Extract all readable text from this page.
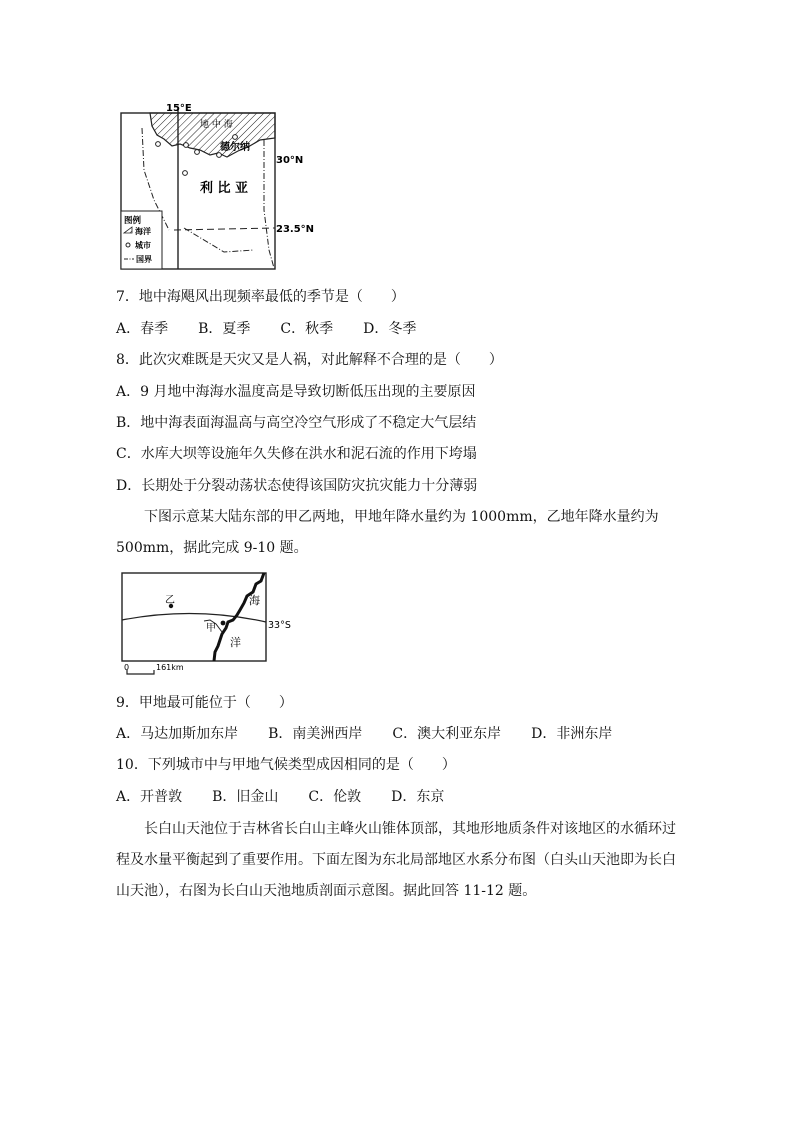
15°E
地 中 海
德尔纳
30°N
利 比 亚
23.5°N
图例
海洋
城市
国界
7．地中海飓风出现频率最低的季节是（　　）
A．春季 B．夏季 C．秋季 D．冬季
8．此次灾难既是天灾又是人祸，对此解释不合理的是（　　）
A．9 月地中海海水温度高是导致切断低压出现的主要原因
B．地中海表面海温高与高空冷空气形成了不稳定大气层结
C．水库大坝等设施年久失修在洪水和泥石流的作用下垮塌
D．长期处于分裂动荡状态使得该国防灾抗灾能力十分薄弱
下图示意某大陆东部的甲乙两地，甲地年降水量约为 1000mm，乙地年降水量约为
500mm，据此完成 9-10 题。
乙
甲
海
洋
33°S
0	161km
9．甲地最可能位于（　　）
A．马达加斯加东岸 B．南美洲西岸 C．澳大利亚东岸 D．非洲东岸
10．下列城市中与甲地气候类型成因相同的是（　　）
A．开普敦 B．旧金山 C．伦敦 D．东京
长白山天池位于吉林省长白山主峰火山锥体顶部，其地形地质条件对该地区的水循环过
程及水量平衡起到了重要作用。下面左图为东北局部地区水系分布图（白头山天池即为长白
山天池），右图为长白山天池地质剖面示意图。据此回答 11-12 题。
